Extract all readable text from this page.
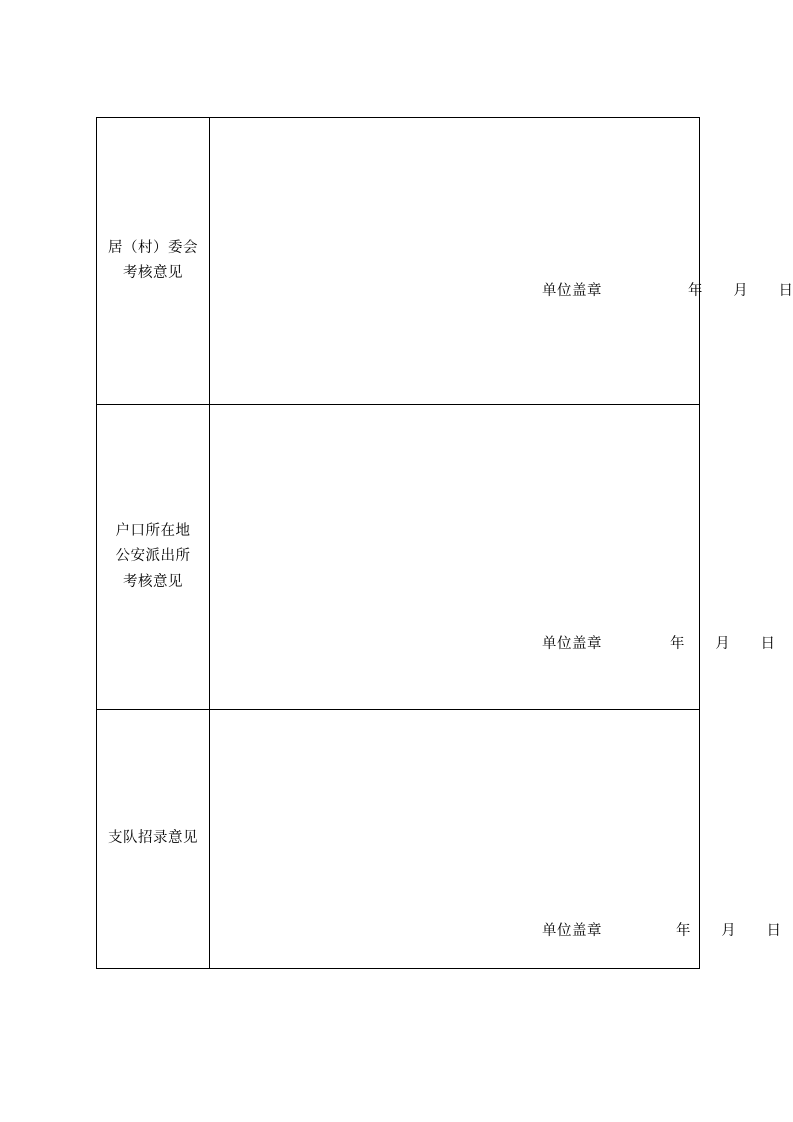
居（村）委会
考核意见	单位盖章 年 月 日

户口所在地
公安派出所
考核意见	单位盖章 年 月 日

支队招录意见	单位盖章 年 月 日
